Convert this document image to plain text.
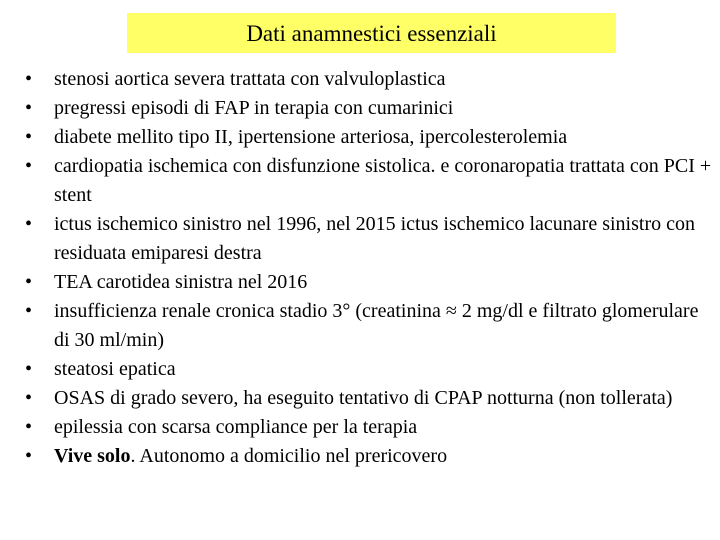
Dati anamnestici essenziali
•	stenosi aortica severa trattata con valvuloplastica
•	pregressi episodi di FAP in terapia con cumarinici
•	diabete mellito tipo II, ipertensione arteriosa, ipercolesterolemia
•	cardiopatia ischemica con disfunzione sistolica. e coronaropatia trattata con PCI + stent
•	ictus ischemico sinistro nel 1996, nel 2015 ictus ischemico lacunare sinistro con residuata emiparesi destra
•	TEA carotidea sinistra nel 2016
•	insufficienza renale cronica stadio 3° (creatinina ≈ 2 mg/dl e filtrato glomerulare di 30 ml/min)
•	steatosi epatica
•	OSAS di grado severo, ha eseguito tentativo di CPAP notturna (non tollerata)
•	epilessia con scarsa compliance per la terapia
•	Vive solo. Autonomo a domicilio nel prericovero
